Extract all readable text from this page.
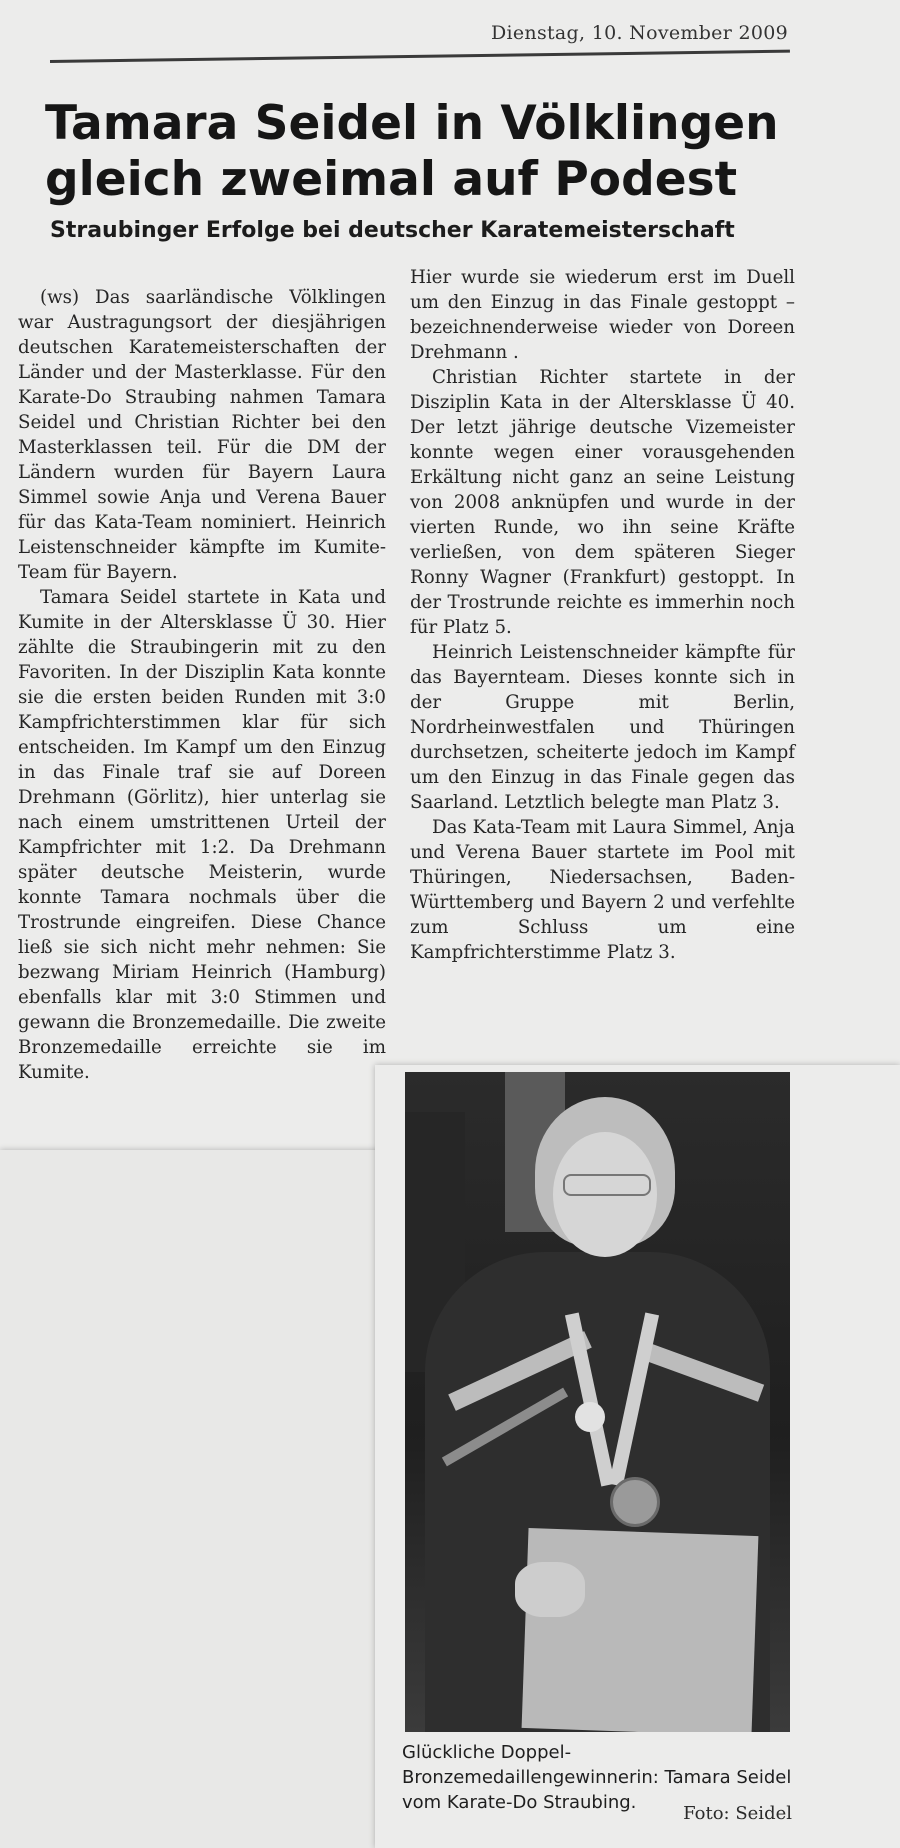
Dienstag, 10. November 2009
Tamara Seidel in Völklingen
gleich zweimal auf Podest
Straubinger Erfolge bei deutscher Karatemeisterschaft

(ws) Das saarländische Völklingen war Austragungsort der diesjährigen deutschen Karatemeisterschaften der Länder und der Masterklasse. Für den Karate-Do Straubing nahmen Tamara Seidel und Christian Richter bei den Masterklassen teil. Für die DM der Ländern wurden für Bayern Laura Simmel sowie Anja und Verena Bauer für das Kata-Team nominiert. Heinrich Leistenschneider kämpfte im Kumite-Team für Bayern.

Tamara Seidel startete in Kata und Kumite in der Altersklasse Ü 30. Hier zählte die Straubingerin mit zu den Favoriten. In der Disziplin Kata konnte sie die ersten beiden Runden mit 3:0 Kampfrichterstimmen klar für sich entscheiden. Im Kampf um den Einzug in das Finale traf sie auf Doreen Drehmann (Görlitz), hier unterlag sie nach einem umstrittenen Urteil der Kampfrichter mit 1:2. Da Drehmann später deutsche Meisterin, wurde konnte Tamara nochmals über die Trostrunde eingreifen. Diese Chance ließ sie sich nicht mehr nehmen: Sie bezwang Miriam Heinrich (Hamburg) ebenfalls klar mit 3:0 Stimmen und gewann die Bronzemedaille. Die zweite Bronzemedaille erreichte sie im Kumite.

Hier wurde sie wiederum erst im Duell um den Einzug in das Finale gestoppt – bezeichnenderweise wieder von Doreen Drehmann .

Christian Richter startete in der Disziplin Kata in der Altersklasse Ü 40. Der letzt jährige deutsche Vizemeister konnte wegen einer vorausgehenden Erkältung nicht ganz an seine Leistung von 2008 anknüpfen und wurde in der vierten Runde, wo ihn seine Kräfte verließen, von dem späteren Sieger Ronny Wagner (Frankfurt) gestoppt. In der Trostrunde reichte es immerhin noch für Platz 5.

Heinrich Leistenschneider kämpfte für das Bayernteam. Dieses konnte sich in der Gruppe mit Berlin, Nordrheinwestfalen und Thüringen durchsetzen, scheiterte jedoch im Kampf um den Einzug in das Finale gegen das Saarland. Letztlich belegte man Platz 3.

Das Kata-Team mit Laura Simmel, Anja und Verena Bauer startete im Pool mit Thüringen, Niedersachsen, Baden-Württemberg und Bayern 2 und verfehlte zum Schluss um eine Kampfrichterstimme Platz 3.

Glückliche Doppel-Bronzemedaillengewinnerin: Tamara Seidel vom Karate-Do Straubing.

Foto: Seidel
